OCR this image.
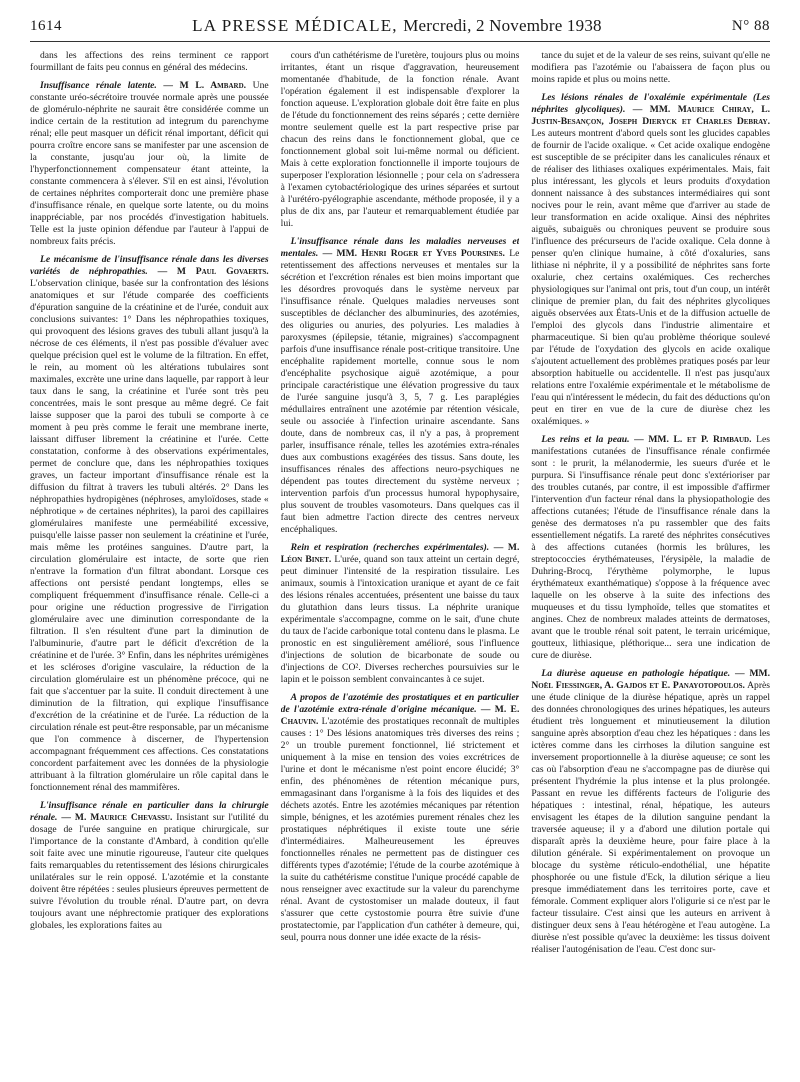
1614	LA PRESSE MÉDICALE, Mercredi, 2 Novembre 1938	N° 88

dans les affections des reins terminent ce rapport fourmillant de faits peu connus en général des médecins.

Insuffisance rénale latente. — M L. Ambard. Une constante uréo-sécrétoire trouvée normale après une poussée de glomérulo-néphrite ne saurait être considérée comme un indice certain de la restitution ad integrum du parenchyme rénal; elle peut masquer un déficit rénal important, déficit qui pourra croître encore sans se manifester par une ascension de la constante, jusqu'au jour où, la limite de l'hyperfonctionnement compensateur étant atteinte, la constante commencera à s'élever. S'il en est ainsi, l'évolution de certaines néphrites comporterait donc une première phase d'insuffisance rénale, en quelque sorte latente, ou du moins inappréciable, par nos procédés d'investigation habituels. Telle est la juste opinion défendue par l'auteur à l'appui de nombreux faits précis.

Le mécanisme de l'insuffisance rénale dans les diverses variétés de néphropathies. — M Paul Govaerts. L'observation clinique, basée sur la confrontation des lésions anatomiques et sur l'étude comparée des coefficients d'épuration sanguine de la créatinine et de l'urée, conduit aux conclusions suivantes: 1° Dans les néphropathies toxiques, qui provoquent des lésions graves des tubuli allant jusqu'à la nécrose de ces éléments, il n'est pas possible d'évaluer avec quelque précision quel est le volume de la filtration. En effet, le rein, au moment où les altérations tubulaires sont maximales, excrète une urine dans laquelle, par rapport à leur taux dans le sang, la créatinine et l'urée sont très peu concentrées, mais le sont presque au même degré. Ce fait laisse supposer que la paroi des tubuli se comporte à ce moment à peu près comme le ferait une membrane inerte, laissant diffuser librement la créatinine et l'urée. Cette constatation, conforme à des observations expérimentales, permet de conclure que, dans les néphropathies toxiques graves, un facteur important d'insuffisance rénale est la diffusion du filtrat à travers les tubuli altérés. 2° Dans les néphropathies hydropigènes (néphroses, amyloïdoses, stade « néphrotique » de certaines néphrites), la paroi des capillaires glomérulaires manifeste une perméabilité excessive, puisqu'elle laisse passer non seulement la créatinine et l'urée, mais même les protéines sanguines. D'autre part, la circulation glomérulaire est intacte, de sorte que rien n'entrave la formation d'un filtrat abondant. Lorsque ces affections ont persisté pendant longtemps, elles se compliquent fréquemment d'insuffisance rénale. Celle-ci a pour origine une réduction progressive de l'irrigation glomérulaire avec une diminution correspondante de la filtration. Il s'en résultent d'une part la diminution de l'albuminurie, d'autre part le déficit d'excrétion de la créatinine et de l'urée. 3° Enfin, dans les néphrites urémigènes et les scléroses d'origine vasculaire, la réduction de la circulation glomérulaire est un phénomène précoce, qui ne fait que s'accentuer par la suite. Il conduit directement à une diminution de la filtration, qui explique l'insuffisance d'excrétion de la créatinine et de l'urée. La réduction de la circulation rénale est peut-être responsable, par un mécanisme que l'on commence à discerner, de l'hypertension accompagnant fréquemment ces affections. Ces constatations concordent parfaitement avec les données de la physiologie attribuant à la filtration glomérulaire un rôle capital dans le fonctionnement rénal des mammifères.

L'insuffisance rénale en particulier dans la chirurgie rénale. — M. Maurice Chevassu. Insistant sur l'utilité du dosage de l'urée sanguine en pratique chirurgicale, sur l'importance de la constante d'Ambard, à condition qu'elle soit faite avec une minutie rigoureuse, l'auteur cite quelques faits remarquables du retentissement des lésions chirurgicales unilatérales sur le rein opposé. L'azotémie et la constante doivent être répétées : seules plusieurs épreuves permettent de suivre l'évolution du trouble rénal. D'autre part, on devra toujours avant une néphrectomie pratiquer des explorations globales, les explorations faites au

cours d'un cathétérisme de l'uretère, toujours plus ou moins irritantes, étant un risque d'aggravation, heureusement momentanée d'habitude, de la fonction rénale. Avant l'opération également il est indispensable d'explorer la fonction aqueuse. L'exploration globale doit être faite en plus de l'étude du fonctionnement des reins séparés ; cette dernière montre seulement quelle est la part respective prise par chacun des reins dans le fonctionnement global, que ce fonctionnement global soit lui-même normal ou déficient. Mais à cette exploration fonctionnelle il importe toujours de superposer l'exploration lésionnelle ; pour cela on s'adressera à l'examen cytobactériologique des urines séparées et surtout à l'urétéro-pyélographie ascendante, méthode proposée, il y a plus de dix ans, par l'auteur et remarquablement étudiée par lui.

L'insuffisance rénale dans les maladies nerveuses et mentales. — MM. Henri Roger et Yves Poursines. Le retentissement des affections nerveuses et mentales sur la sécrétion et l'excrétion rénales est bien moins important que les désordres provoqués dans le système nerveux par l'insuffisance rénale. Quelques maladies nerveuses sont susceptibles de déclancher des albuminuries, des azotémies, des oliguries ou anuries, des polyuries. Les maladies à paroxysmes (épilepsie, tétanie, migraines) s'accompagnent parfois d'une insuffisance rénale post-critique transitoire. Une encéphalite rapidement mortelle, connue sous le nom d'encéphalite psychosique aiguë azotémique, a pour principale caractéristique une élévation progressive du taux de l'urée sanguine jusqu'à 3, 5, 7 g. Les paraplégies médullaires entraînent une azotémie par rétention vésicale, seule ou associée à l'infection urinaire ascendante. Sans doute, dans de nombreux cas, il n'y a pas, à proprement parler, insuffisance rénale, telles les azotémies extra-rénales dues aux combustions exagérées des tissus. Sans doute, les insuffisances rénales des affections neuro-psychiques ne dépendent pas toutes directement du système nerveux ; intervention parfois d'un processus humoral hypophysaire, plus souvent de troubles vasomoteurs. Dans quelques cas il faut bien admettre l'action directe des centres nerveux encéphaliques.

Rein et respiration (recherches expérimentales). — M. Léon Binet. L'urée, quand son taux atteint un certain degré, peut diminuer l'intensité de la respiration tissulaire. Les animaux, soumis à l'intoxication uranique et ayant de ce fait des lésions rénales accentuées, présentent une baisse du taux du glutathion dans leurs tissus. La néphrite uranique expérimentale s'accompagne, comme on le sait, d'une chute du taux de l'acide carbonique total contenu dans le plasma. Le pronostic en est singulièrement amélioré, sous l'influence d'injections de solution de bicarbonate de soude ou d'injections de CO². Diverses recherches poursuivies sur le lapin et le poisson semblent convaincantes à ce sujet.

A propos de l'azotémie des prostatiques et en particulier de l'azotémie extra-rénale d'origine mécanique. — M. E. Chauvin. L'azotémie des prostatiques reconnaît de multiples causes : 1° Des lésions anatomiques très diverses des reins ; 2° un trouble purement fonctionnel, lié strictement et uniquement à la mise en tension des voies excrétrices de l'urine et dont le mécanisme n'est point encore élucidé; 3° enfin, des phénomènes de rétention mécanique purs, emmagasinant dans l'organisme à la fois des liquides et des déchets azotés. Entre les azotémies mécaniques par rétention simple, bénignes, et les azotémies purement rénales chez les prostatiques néphrétiques il existe toute une série d'intermédiaires. Malheureusement les épreuves fonctionnelles rénales ne permettent pas de distinguer ces différents types d'azotémie; l'étude de la courbe azotémique à la suite du cathétérisme constitue l'unique procédé capable de nous renseigner avec exactitude sur la valeur du parenchyme rénal. Avant de cystostomiser un malade douteux, il faut s'assurer que cette cystostomie pourra être suivie d'une prostatectomie, par l'application d'un cathéter à demeure, qui, seul, pourra nous donner une idée exacte de la résis-

tance du sujet et de la valeur de ses reins, suivant qu'elle ne modifiera pas l'azotémie ou l'abaissera de façon plus ou moins rapide et plus ou moins nette.

Les lésions rénales de l'oxalémie expérimentale (Les néphrites glycoliques). — MM. Maurice Chiray, L. Justin-Besançon, Joseph Dieryck et Charles Debray. Les auteurs montrent d'abord quels sont les glucides capables de fournir de l'acide oxalique. « Cet acide oxalique endogène est susceptible de se précipiter dans les canalicules rénaux et de réaliser des lithiases oxaliques expérimentales. Mais, fait plus intéressant, les glycols et leurs produits d'oxydation donnent naissance à des substances intermédiaires qui sont nocives pour le rein, avant même que d'arriver au stade de leur transformation en acide oxalique. Ainsi des néphrites aiguës, subaiguës ou chroniques peuvent se produire sous l'influence des précurseurs de l'acide oxalique. Cela donne à penser qu'en clinique humaine, à côté d'oxaluries, sans lithiase ni néphrite, il y a possibilité de néphrites sans forte oxalurie, chez certains oxalémiques. Ces recherches physiologiques sur l'animal ont pris, tout d'un coup, un intérêt clinique de premier plan, du fait des néphrites glycoliques aiguës observées aux États-Unis et de la diffusion actuelle de l'emploi des glycols dans l'industrie alimentaire et pharmaceutique. Si bien qu'au problème théorique soulevé par l'étude de l'oxydation des glycols en acide oxalique s'ajoutent actuellement des problèmes pratiques posés par leur absorption habituelle ou accidentelle. Il n'est pas jusqu'aux relations entre l'oxalémie expérimentale et le métabolisme de l'eau qui n'intéressent le médecin, du fait des déductions qu'on peut en tirer en vue de la cure de diurèse chez les oxalémiques. »

Les reins et la peau. — MM. L. et P. Rimbaud. Les manifestations cutanées de l'insuffisance rénale confirmée sont : le prurit, la mélanodermie, les sueurs d'urée et le purpura. Si l'insuffisance rénale peut donc s'extérioriser par des troubles cutanés, par contre, il est impossible d'affirmer l'intervention d'un facteur rénal dans la physiopathologie des affections cutanées; l'étude de l'insuffisance rénale dans la genèse des dermatoses n'a pu rassembler que des faits essentiellement négatifs. La rareté des néphrites consécutives à des affections cutanées (hormis les brûlures, les streptococcies érythémateuses, l'érysipèle, la maladie de Duhring-Brocq, l'érythème polymorphe, le lupus érythémateux exanthématique) s'oppose à la fréquence avec laquelle on les observe à la suite des infections des muqueuses et du tissu lymphoïde, telles que stomatites et angines. Chez de nombreux malades atteints de dermatoses, avant que le trouble rénal soit patent, le terrain uricémique, goutteux, lithiasique, pléthorique... sera une indication de cure de diurèse.

La diurèse aqueuse en pathologie hépatique. — MM. Noël Fiessinger, A. Gajdos et E. Panayotopoulos. Après une étude clinique de la diurèse hépatique, après un rappel des données chronologiques des urines hépatiques, les auteurs étudient très longuement et minutieusement la dilution sanguine après absorption d'eau chez les hépatiques : dans les ictères comme dans les cirrhoses la dilution sanguine est inversement proportionnelle à la diurèse aqueuse; ce sont les cas où l'absorption d'eau ne s'accompagne pas de diurèse qui présentent l'hydrémie la plus intense et la plus prolongée. Passant en revue les différents facteurs de l'oligurie des hépatiques : intestinal, rénal, hépatique, les auteurs envisagent les étapes de la dilution sanguine pendant la traversée aqueuse; il y a d'abord une dilution portale qui disparaît après la deuxième heure, pour faire place à la dilution générale. Si expérimentalement on provoque un blocage du système réticulo-endothélial, une hépatite phosphorée ou une fistule d'Eck, la dilution sérique a lieu presque immédiatement dans les territoires porte, cave et fémorale. Comment expliquer alors l'oligurie si ce n'est par le facteur tissulaire. C'est ainsi que les auteurs en arrivent à distinguer deux sens à l'eau hétérogène et l'eau autogène. La diurèse n'est possible qu'avec la deuxième: les tissus doivent réaliser l'autogénisation de l'eau. C'est donc sur-
